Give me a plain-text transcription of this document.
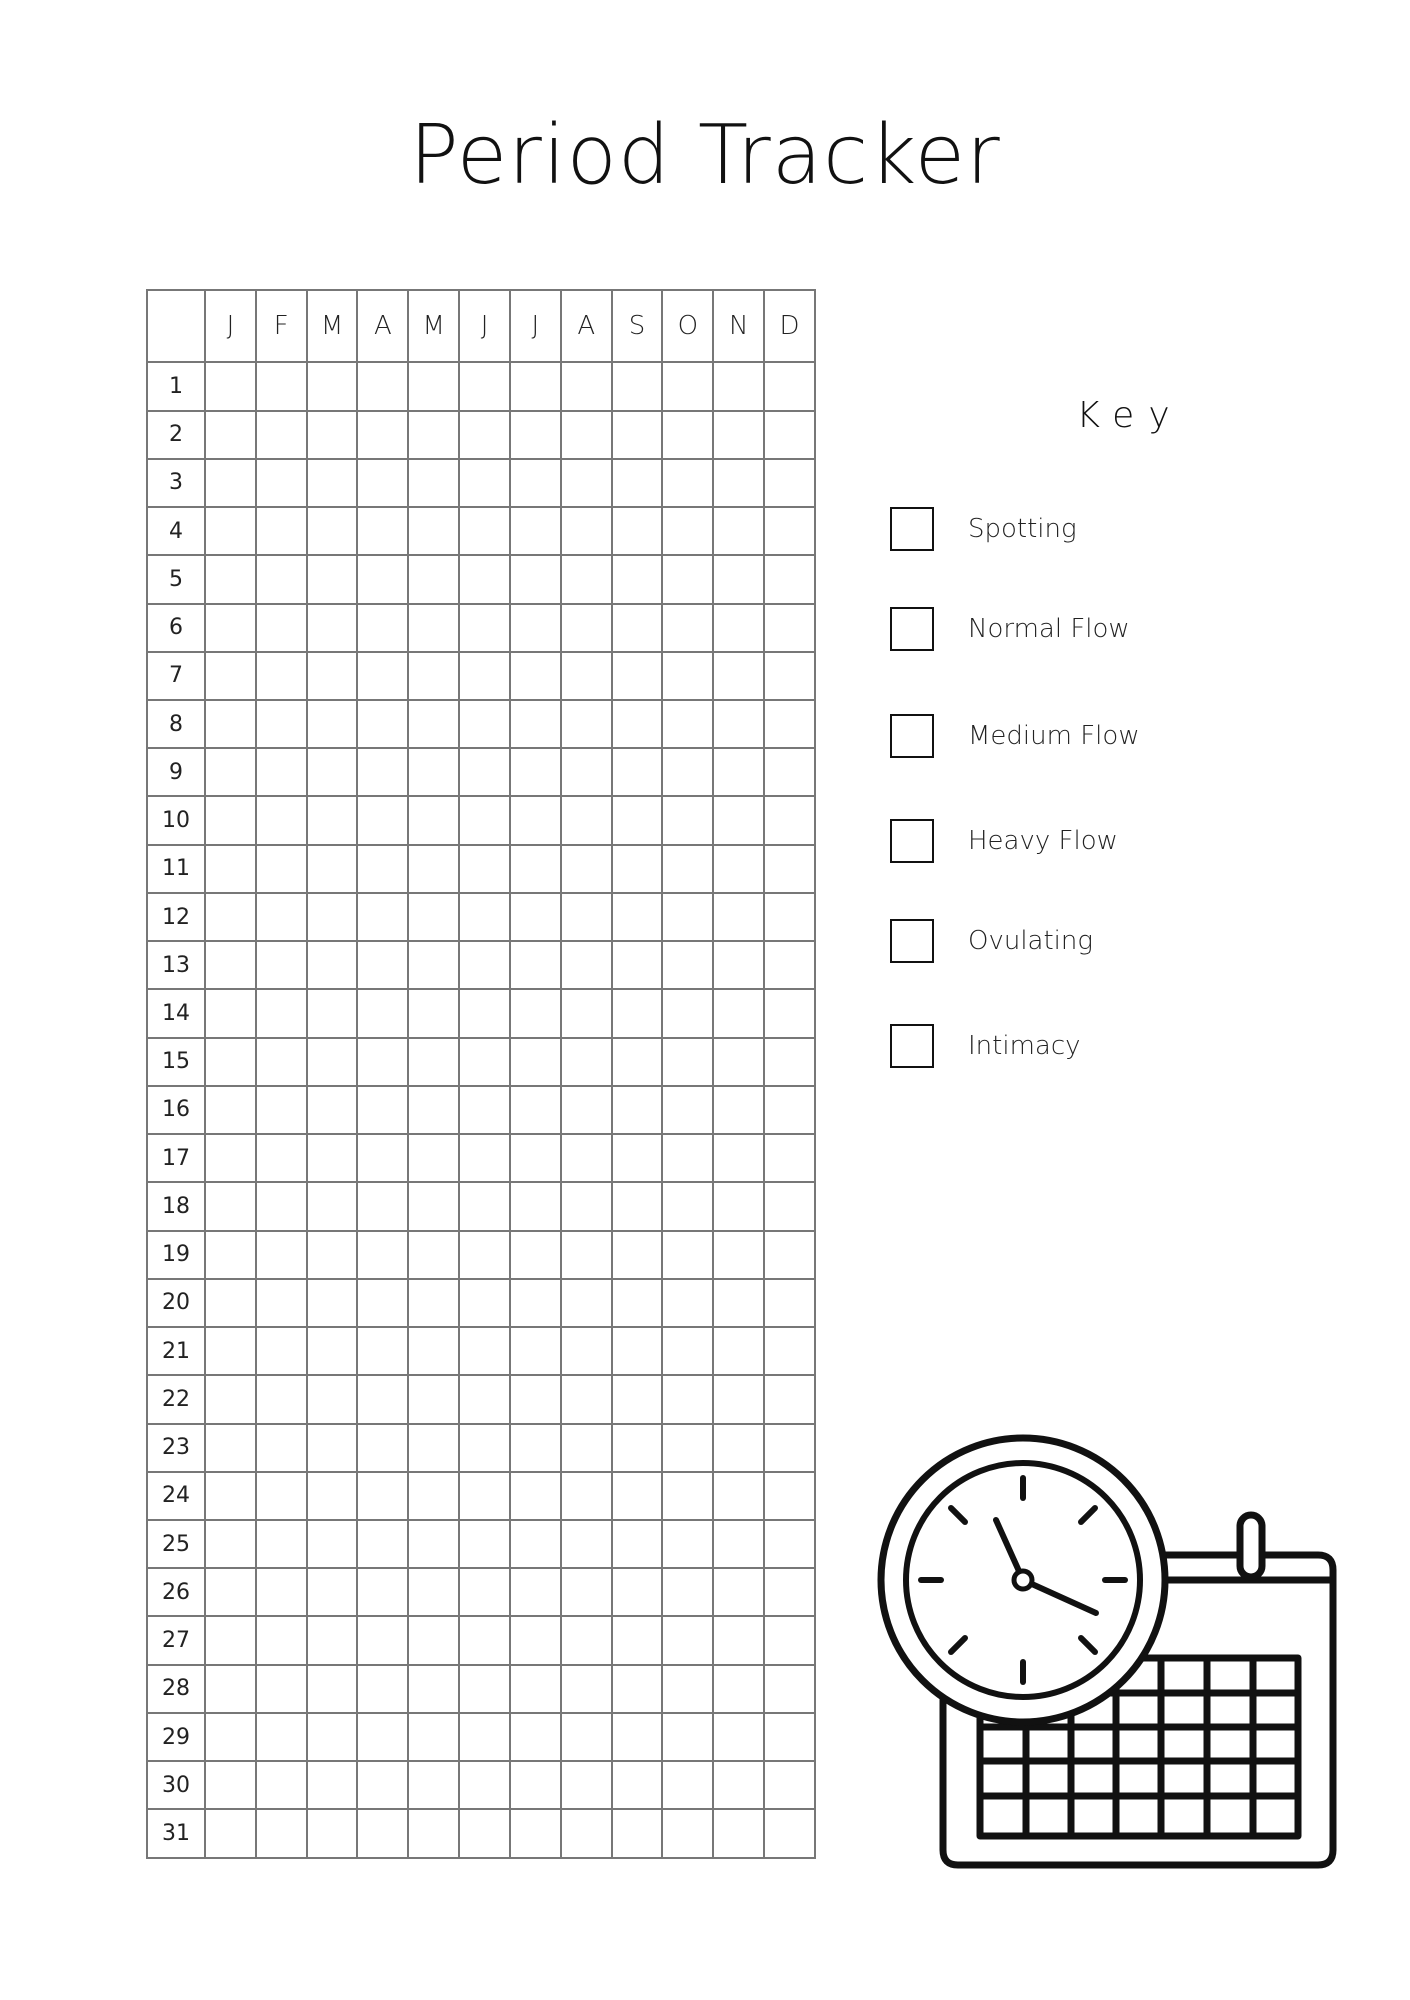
Period Tracker
	J	F	M	A	M	J	J	A	S	O	N	D
1												
2												
3												
4												
5												
6												
7												
8												
9												
10												
11												
12												
13												
14												
15												
16												
17												
18												
19												
20												
21												
22												
23												
24												
25												
26												
27												
28												
29												
30												
31												
Key
Spotting
Normal Flow
Medium Flow
Heavy Flow
Ovulating
Intimacy
